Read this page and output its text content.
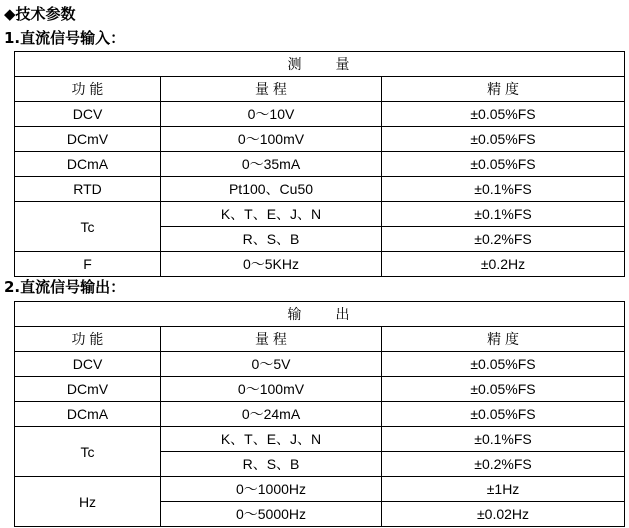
◆技术参数
1.直流信号输入：
测　　量		
功 能	量 程	精 度
DCV	0～10V	±0.05%FS
DCmV	0～100mV	±0.05%FS
DCmA	0～35mA	±0.05%FS
RTD	Pt100、Cu50	±0.1%FS
Tc	K、T、E、J、N	±0.1%FS
	R、S、B	±0.2%FS
F	0～5KHz	±0.2Hz
2.直流信号输出：
输　　出		
功 能	量 程	精 度
DCV	0～5V	±0.05%FS
DCmV	0～100mV	±0.05%FS
DCmA	0～24mA	±0.05%FS
Tc	K、T、E、J、N	±0.1%FS
	R、S、B	±0.2%FS
Hz	0～1000Hz	±1Hz
	0～5000Hz	±0.02Hz
